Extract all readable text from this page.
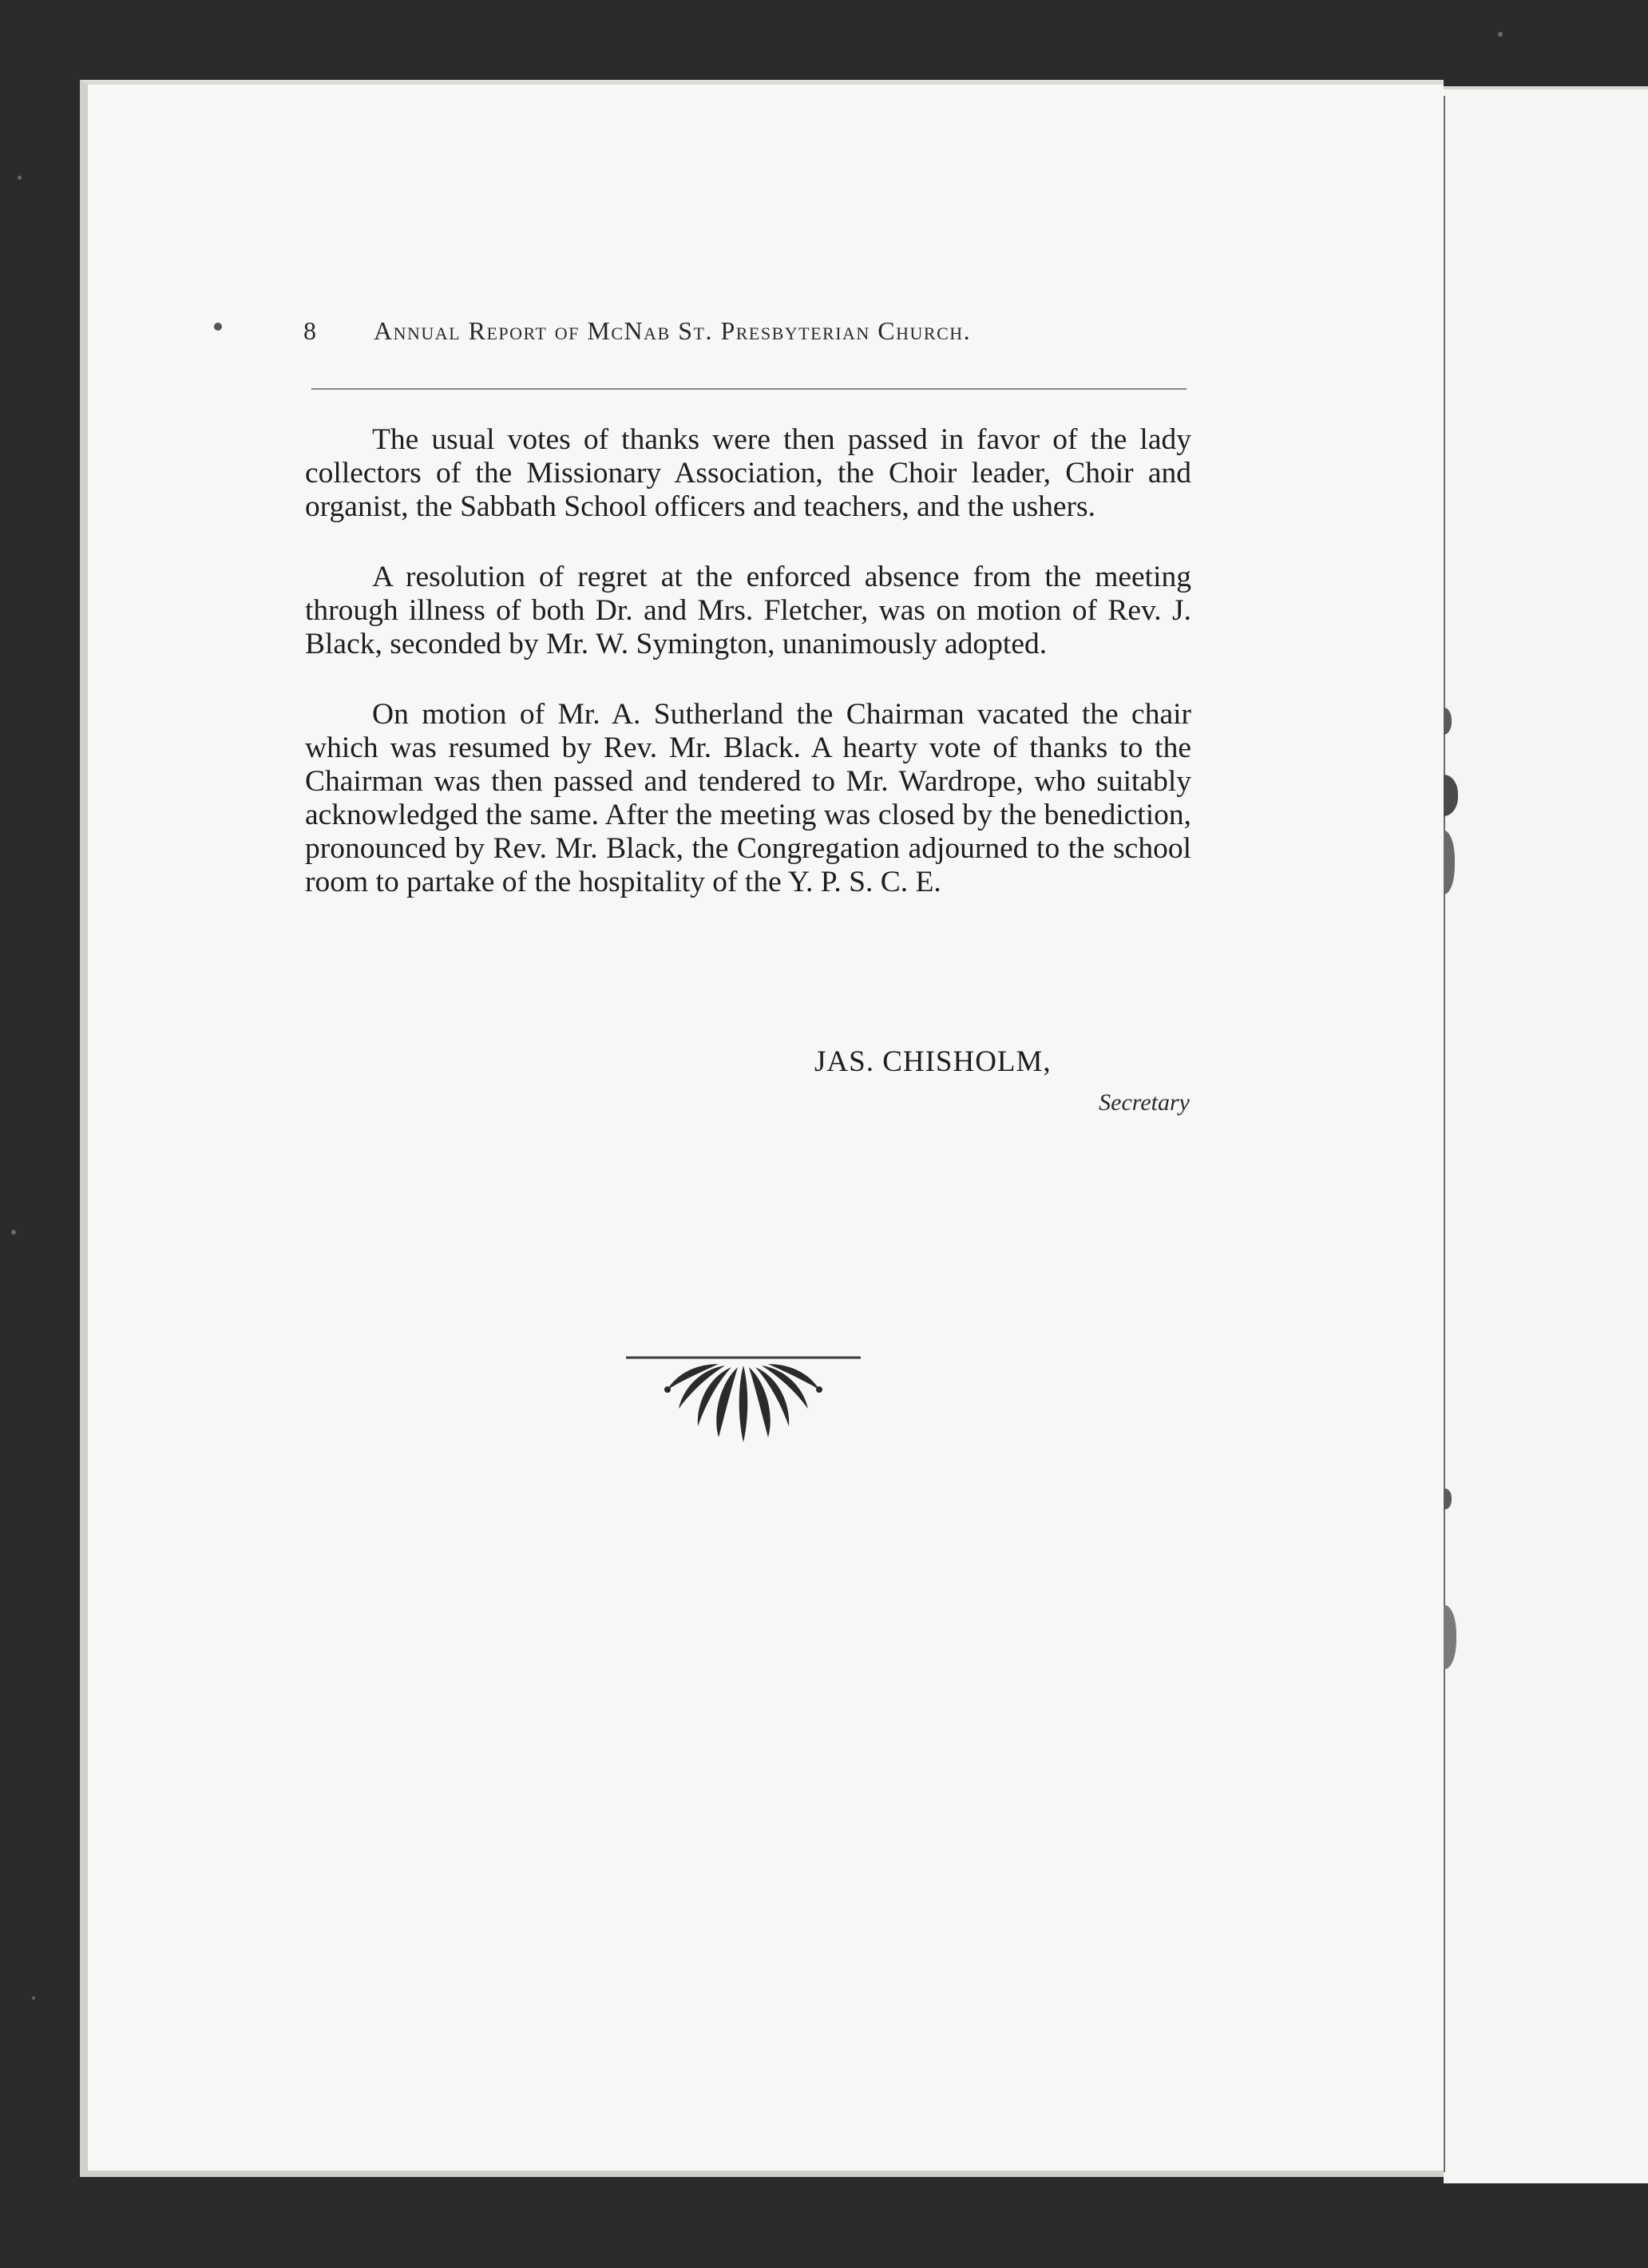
8 Annual Report of McNab St. Presbyterian Church.

The usual votes of thanks were then passed in favor of the lady collectors of the Missionary Association, the Choir leader, Choir and organist, the Sabbath School officers and teachers, and the ushers.

A resolution of regret at the enforced absence from the meeting through illness of both Dr. and Mrs. Fletcher, was on motion of Rev. J. Black, seconded by Mr. W. Symington, unanimously adopted.

On motion of Mr. A. Sutherland the Chairman vacated the chair which was resumed by Rev. Mr. Black. A hearty vote of thanks to the Chairman was then passed and tendered to Mr. Wardrope, who suitably acknowledged the same. After the meeting was closed by the benediction, pronounced by Rev. Mr. Black, the Congregation adjourned to the school room to partake of the hospitality of the Y. P. S. C. E.

JAS. CHISHOLM,
Secretary
